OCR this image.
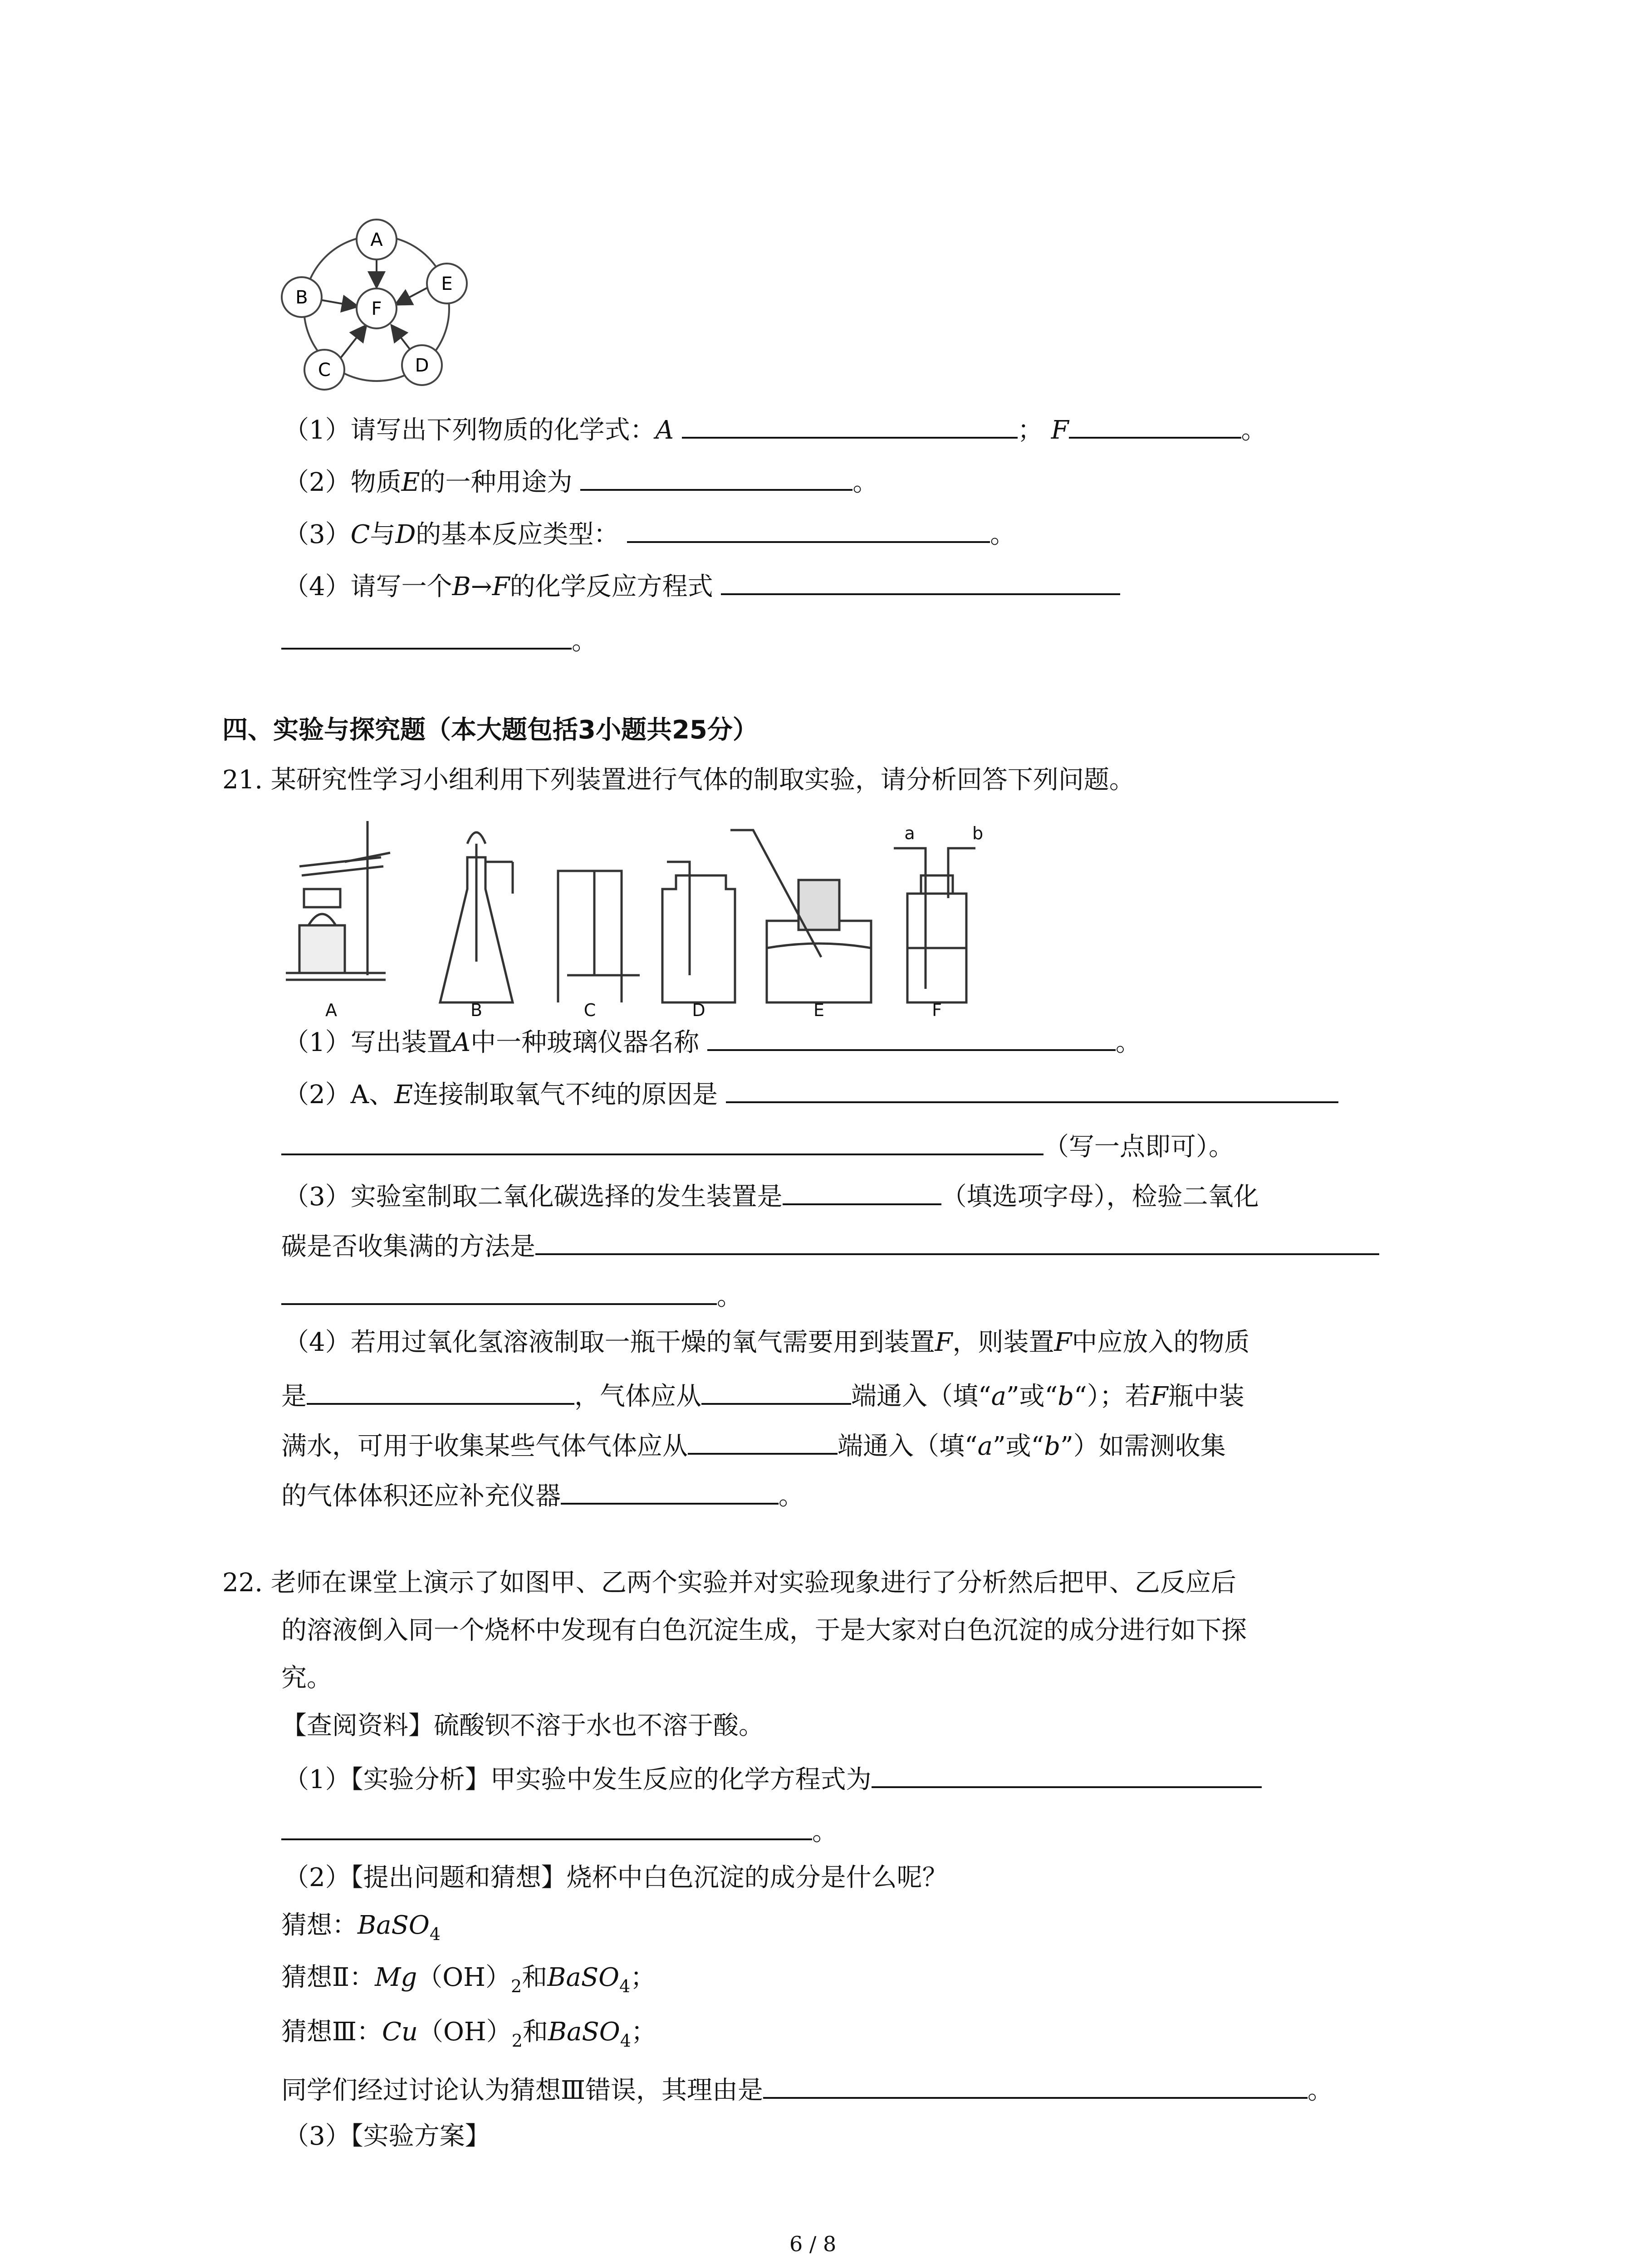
A
E
B
F
C	D
（1）请写出下列物质的化学式：A	； F	。
（2）物质E的一种用途为	。
（3）C与D的基本反应类型：	。
（4）请写一个B→F的化学反应方程式
。
四、实验与探究题（本大题包括3小题共25分）
21. 某研究性学习小组利用下列装置进行气体的制取实验，请分析回答下列问题。
A	B	C	D	E	F
a	b
（1）写出装置A中一种玻璃仪器名称	。
（2）A、E连接制取氧气不纯的原因是
（写一点即可）。
（3）实验室制取二氧化碳选择的发生装置是	（填选项字母），检验二氧化
碳是否收集满的方法是
。
（4）若用过氧化氢溶液制取一瓶干燥的氧气需要用到装置F，则装置F中应放入的物质
是	，气体应从	端通入（填“a”或“b“）；若F瓶中装
满水，可用于收集某些气体气体应从	端通入（填“a”或“b”）如需测收集
的气体体积还应补充仪器	。
22. 老师在课堂上演示了如图甲、乙两个实验并对实验现象进行了分析然后把甲、乙反应后
的溶液倒入同一个烧杯中发现有白色沉淀生成，于是大家对白色沉淀的成分进行如下探
究。
【查阅资料】硫酸钡不溶于水也不溶于酸。
（1）【实验分析】甲实验中发生反应的化学方程式为
。
（2）【提出问题和猜想】烧杯中白色沉淀的成分是什么呢？
猜想：BaSO$_4$
猜想Ⅱ：$Mg(OH)_2$和BaSO$_4$；
猜想Ⅲ：$Cu(OH)_2$和BaSO$_4$；
同学们经过讨论认为猜想Ⅲ错误，其理由是	。
（3）【实验方案】
6 / 8
